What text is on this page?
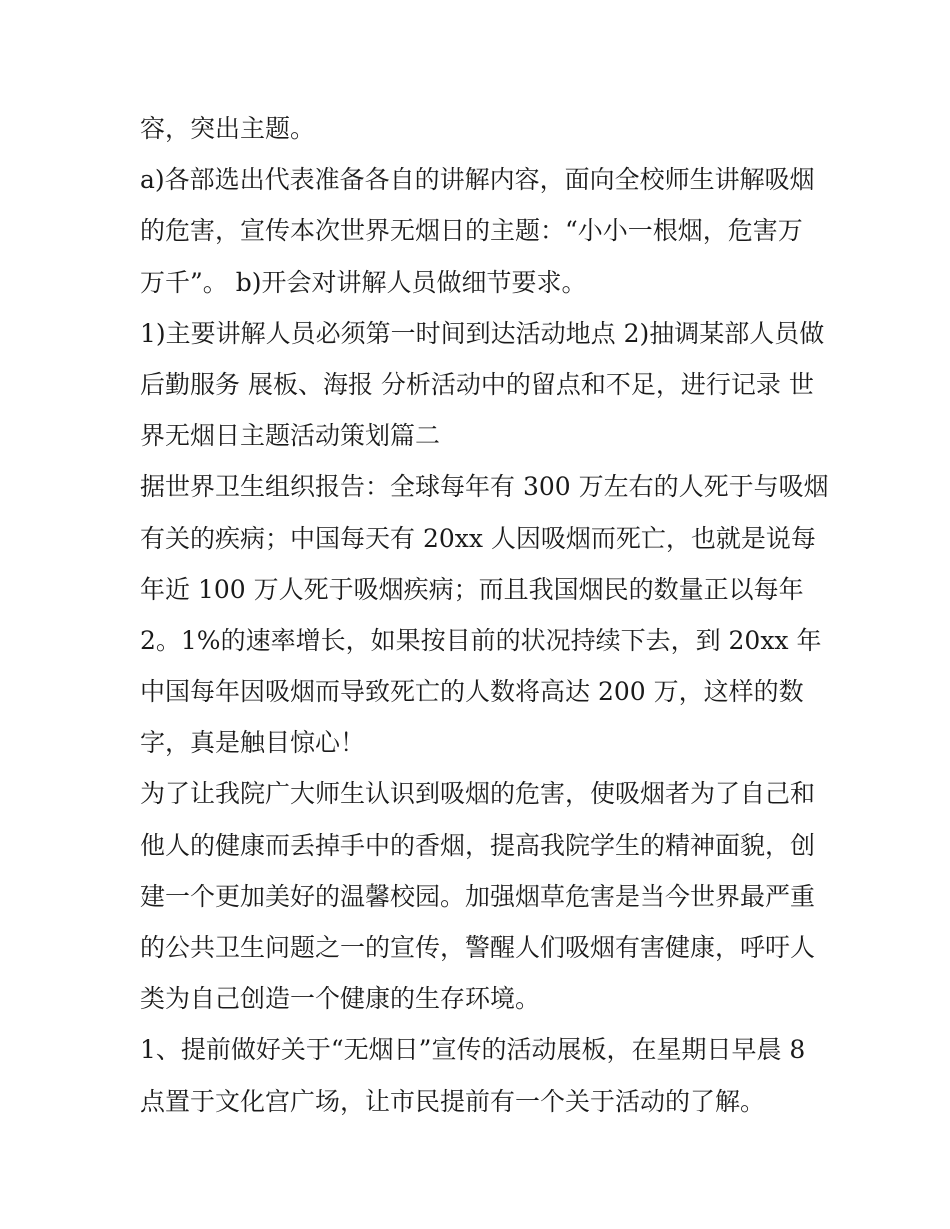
容，突出主题。
a)各部选出代表准备各自的讲解内容，面向全校师生讲解吸烟
的危害，宣传本次世界无烟日的主题：“小小一根烟，危害万
万千”。 b)开会对讲解人员做细节要求。
1)主要讲解人员必须第一时间到达活动地点 2)抽调某部人员做
后勤服务 展板、海报 分析活动中的留点和不足，进行记录 世
界无烟日主题活动策划篇二
据世界卫生组织报告：全球每年有 300 万左右的人死于与吸烟
有关的疾病；中国每天有 20xx 人因吸烟而死亡，也就是说每
年近 100 万人死于吸烟疾病；而且我国烟民的数量正以每年
2。1%的速率增长，如果按目前的状况持续下去，到 20xx 年
中国每年因吸烟而导致死亡的人数将高达 200 万，这样的数
字，真是触目惊心！
为了让我院广大师生认识到吸烟的危害，使吸烟者为了自己和
他人的健康而丢掉手中的香烟，提高我院学生的精神面貌，创
建一个更加美好的温馨校园。加强烟草危害是当今世界最严重
的公共卫生问题之一的宣传，警醒人们吸烟有害健康，呼吁人
类为自己创造一个健康的生存环境。
1、提前做好关于“无烟日”宣传的活动展板，在星期日早晨 8
点置于文化宫广场，让市民提前有一个关于活动的了解。
